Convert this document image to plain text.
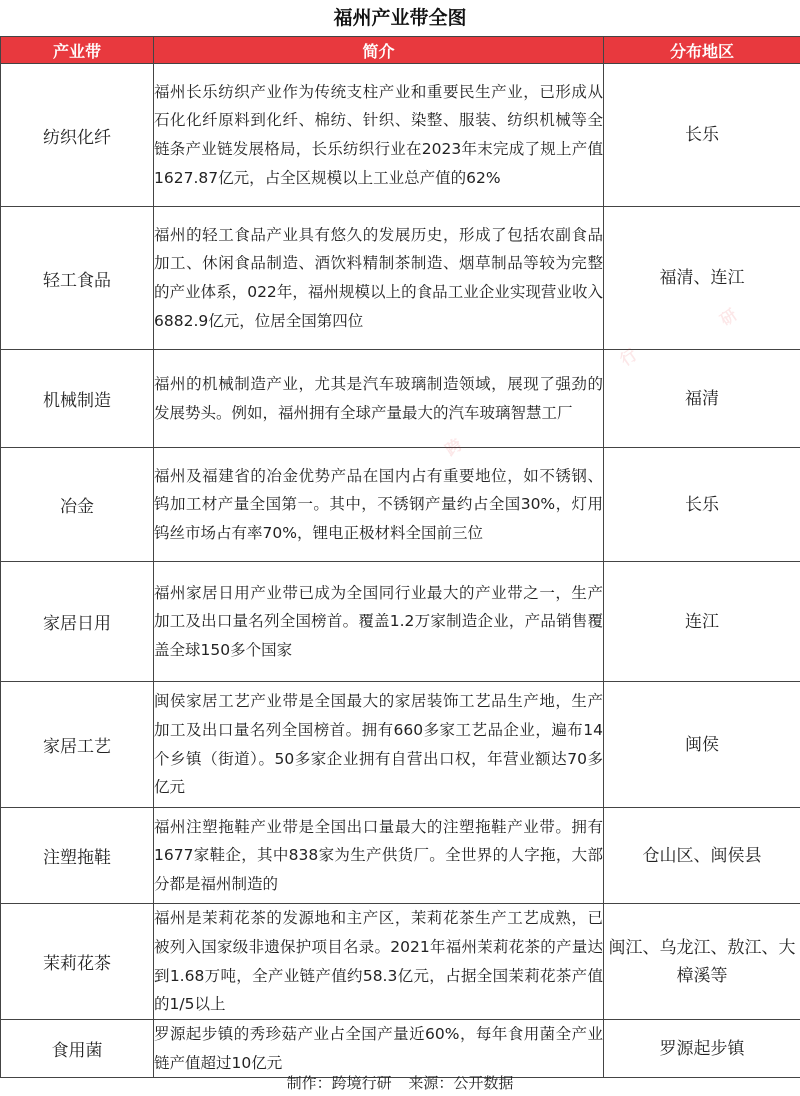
福州产业带全图
产业带	简介	分布地区
纺织化纤	福州长乐纺织产业作为传统支柱产业和重要民生产业，已形成从石化化纤原料到化纤、棉纺、针织、染整、服装、纺织机械等全链条产业链发展格局，长乐纺织行业在2023年末完成了规上产值1627.87亿元，占全区规模以上工业总产值的62%	长乐
轻工食品	福州的轻工食品产业具有悠久的发展历史，形成了包括农副食品加工、休闲食品制造、酒饮料精制茶制造、烟草制品等较为完整的产业体系，022年，福州规模以上的食品工业企业实现营业收入6882.9亿元，位居全国第四位	福清、连江
机械制造	福州的机械制造产业，尤其是汽车玻璃制造领域，展现了强劲的发展势头。例如，福州拥有全球产量最大的汽车玻璃智慧工厂	福清
冶金	福州及福建省的冶金优势产品在国内占有重要地位，如不锈钢、钨加工材产量全国第一。其中，不锈钢产量约占全国30%，灯用钨丝市场占有率70%，锂电正极材料全国前三位	长乐
家居日用	福州家居日用产业带已成为全国同行业最大的产业带之一，生产加工及出口量名列全国榜首。覆盖1.2万家制造企业，产品销售覆盖全球150多个国家	连江
家居工艺	闽侯家居工艺产业带是全国最大的家居装饰工艺品生产地，生产加工及出口量名列全国榜首。拥有660多家工艺品企业，遍布14个乡镇（街道）。50多家企业拥有自营出口权，年营业额达70多亿元	闽侯
注塑拖鞋	福州注塑拖鞋产业带是全国出口量最大的注塑拖鞋产业带。拥有1677家鞋企，其中838家为生产供货厂。全世界的人字拖，大部分都是福州制造的	仓山区、闽侯县
茉莉花茶	福州是茉莉花茶的发源地和主产区，茉莉花茶生产工艺成熟，已被列入国家级非遗保护项目名录。2021年福州茉莉花茶的产量达到1.68万吨，全产业链产值约58.3亿元，占据全国茉莉花茶产值的1/5以上	闽江、乌龙江、敖江、大樟溪等
食用菌	罗源起步镇的秀珍菇产业占全国产量近60%，每年食用菌全产业链产值超过10亿元	罗源起步镇
行
研
跨
制作：跨境行研 来源：公开数据
